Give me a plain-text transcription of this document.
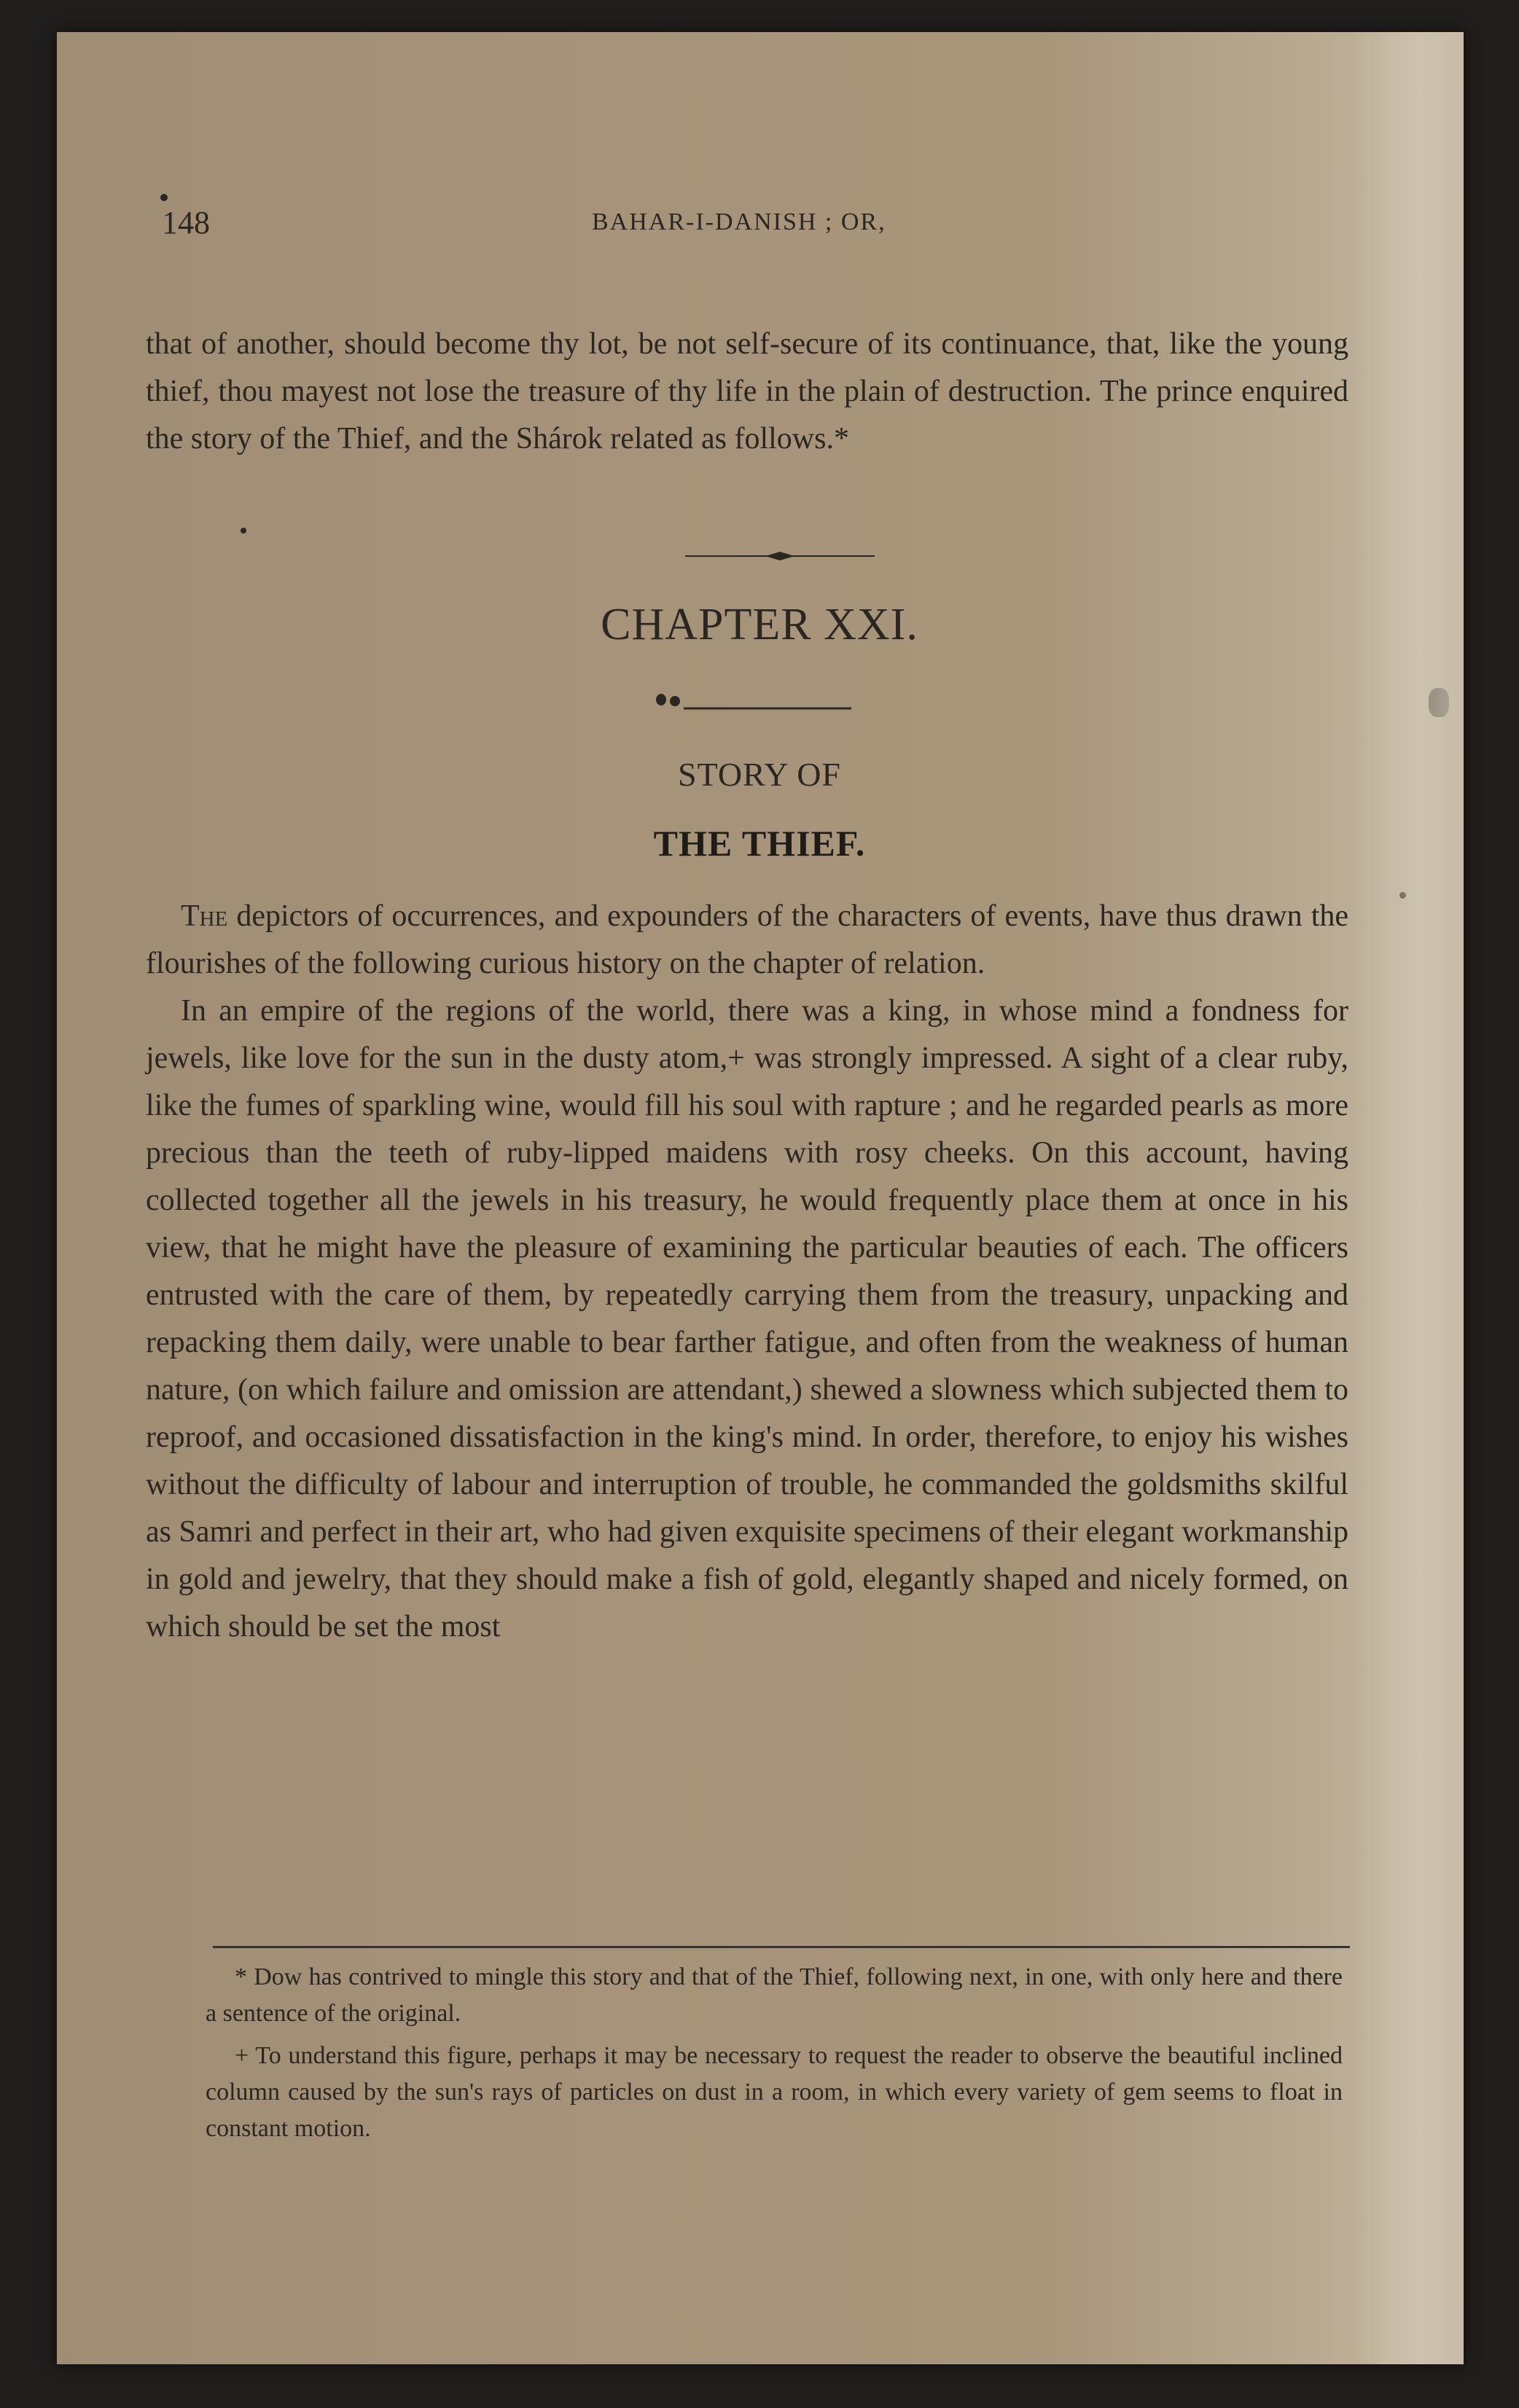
148	BAHAR-I-DANISH ; OR,

that of another, should become thy lot, be not self-secure of its continuance, that, like the young thief, thou mayest not lose the treasure of thy life in the plain of destruction. The prince enquired the story of the Thief, and the Shárok related as follows.*

CHAPTER XXI.
STORY OF
THE THIEF.

The depictors of occurrences, and expounders of the characters of events, have thus drawn the flourishes of the following curious history on the chapter of relation.

In an empire of the regions of the world, there was a king, in whose mind a fondness for jewels, like love for the sun in the dusty atom,+ was strongly impressed. A sight of a clear ruby, like the fumes of sparkling wine, would fill his soul with rapture ; and he regarded pearls as more precious than the teeth of ruby-lipped maidens with rosy cheeks. On this account, having collected together all the jewels in his treasury, he would frequently place them at once in his view, that he might have the pleasure of examining the particular beauties of each. The officers entrusted with the care of them, by repeatedly carrying them from the treasury, unpacking and repacking them daily, were unable to bear farther fatigue, and often from the weakness of human nature, (on which failure and omission are attendant,) shewed a slowness which subjected them to reproof, and occasioned dissatisfaction in the king's mind. In order, therefore, to enjoy his wishes without the difficulty of labour and interruption of trouble, he commanded the goldsmiths skilful as Samri and perfect in their art, who had given exquisite specimens of their elegant workmanship in gold and jewelry, that they should make a fish of gold, elegantly shaped and nicely formed, on which should be set the most

* Dow has contrived to mingle this story and that of the Thief, following next, in one, with only here and there a sentence of the original.

+ To understand this figure, perhaps it may be necessary to request the reader to observe the beautiful inclined column caused by the sun's rays of particles on dust in a room, in which every variety of gem seems to float in constant motion.
